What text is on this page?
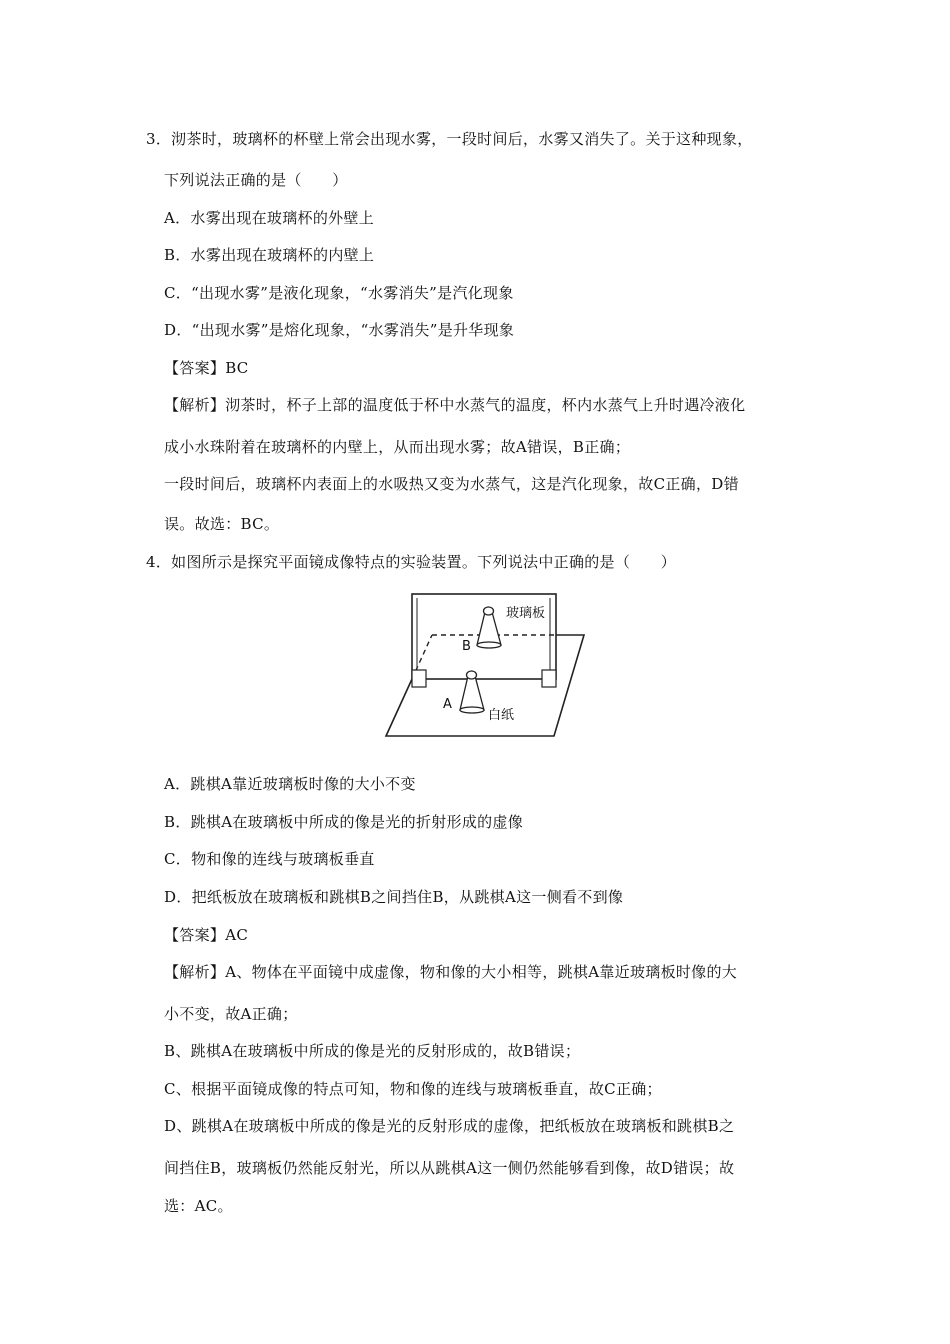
3．沏茶时，玻璃杯的杯壁上常会出现水雾，一段时间后，水雾又消失了。关于这种现象，
下列说法正确的是（　　）
A．水雾出现在玻璃杯的外壁上
B．水雾出现在玻璃杯的内壁上
C．“出现水雾”是液化现象，“水雾消失”是汽化现象
D．“出现水雾”是熔化现象，“水雾消失”是升华现象
【答案】BC
【解析】沏茶时，杯子上部的温度低于杯中水蒸气的温度，杯内水蒸气上升时遇冷液化
成小水珠附着在玻璃杯的内壁上，从而出现水雾；故A错误，B正确；
一段时间后，玻璃杯内表面上的水吸热又变为水蒸气，这是汽化现象，故C正确，D错
误。故选：BC。
4．如图所示是探究平面镜成像特点的实验装置。下列说法中正确的是（　　）
玻璃板
B
A
白纸
A．跳棋A靠近玻璃板时像的大小不变
B．跳棋A在玻璃板中所成的像是光的折射形成的虚像
C．物和像的连线与玻璃板垂直
D．把纸板放在玻璃板和跳棋B之间挡住B，从跳棋A这一侧看不到像
【答案】AC
【解析】A、物体在平面镜中成虚像，物和像的大小相等，跳棋A靠近玻璃板时像的大
小不变，故A正确；
B、跳棋A在玻璃板中所成的像是光的反射形成的，故B错误；
C、根据平面镜成像的特点可知，物和像的连线与玻璃板垂直，故C正确；
D、跳棋A在玻璃板中所成的像是光的反射形成的虚像，把纸板放在玻璃板和跳棋B之
间挡住B，玻璃板仍然能反射光，所以从跳棋A这一侧仍然能够看到像，故D错误；故
选：AC。
